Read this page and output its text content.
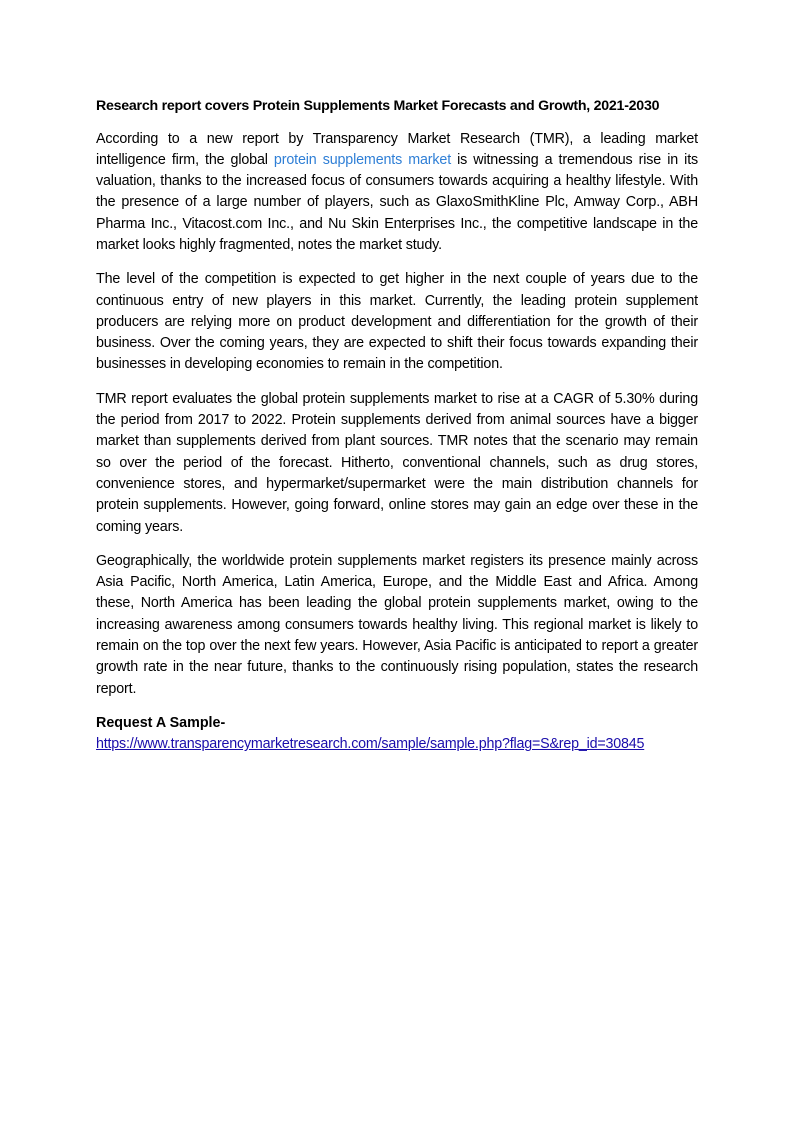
Research report covers Protein Supplements Market Forecasts and Growth, 2021-2030

According to a new report by Transparency Market Research (TMR), a leading market intelligence firm, the global protein supplements market is witnessing a tremendous rise in its valuation, thanks to the increased focus of consumers towards acquiring a healthy lifestyle. With the presence of a large number of players, such as GlaxoSmithKline Plc, Amway Corp., ABH Pharma Inc., Vitacost.com Inc., and Nu Skin Enterprises Inc., the competitive landscape in the market looks highly fragmented, notes the market study.

The level of the competition is expected to get higher in the next couple of years due to the continuous entry of new players in this market. Currently, the leading protein supplement producers are relying more on product development and differentiation for the growth of their business. Over the coming years, they are expected to shift their focus towards expanding their businesses in developing economies to remain in the competition.

TMR report evaluates the global protein supplements market to rise at a CAGR of 5.30% during the period from 2017 to 2022. Protein supplements derived from animal sources have a bigger market than supplements derived from plant sources. TMR notes that the scenario may remain so over the period of the forecast. Hitherto, conventional channels, such as drug stores, convenience stores, and hypermarket/supermarket were the main distribution channels for protein supplements. However, going forward, online stores may gain an edge over these in the coming years.

Geographically, the worldwide protein supplements market registers its presence mainly across Asia Pacific, North America, Latin America, Europe, and the Middle East and Africa. Among these, North America has been leading the global protein supplements market, owing to the increasing awareness among consumers towards healthy living. This regional market is likely to remain on the top over the next few years. However, Asia Pacific is anticipated to report a greater growth rate in the near future, thanks to the continuously rising population, states the research report.

Request A Sample-
https://www.transparencymarketresearch.com/sample/sample.php?flag=S&rep_id=30845
